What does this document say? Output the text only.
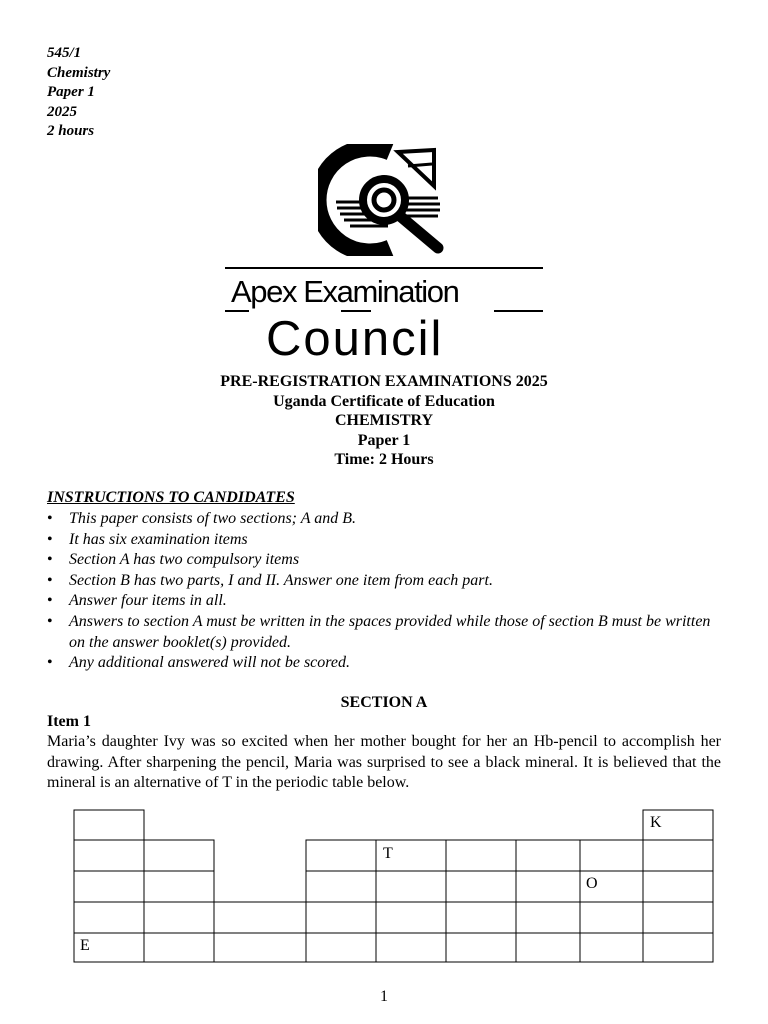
545/1
Chemistry
Paper 1
2025
2 hours
Apex Examination
Council
PRE-REGISTRATION EXAMINATIONS 2025
Uganda Certificate of Education
CHEMISTRY
Paper 1
Time: 2 Hours
INSTRUCTIONS TO CANDIDATES
• This paper consists of two sections; A and B.
• It has six examination items
• Section A has two compulsory items
• Section B has two parts, I and II. Answer one item from each part.
• Answer four items in all.
• Answers to section A must be written in the spaces provided while those of section B must be written on the answer booklet(s) provided.
• Any additional answered will not be scored.
SECTION A
Item 1
Maria’s daughter Ivy was so excited when her mother bought for her an Hb-pencil to accomplish her drawing. After sharpening the pencil, Maria was surprised to see a black mineral. It is believed that the mineral is an alternative of T in the periodic table below.
K
T
O
E
1
